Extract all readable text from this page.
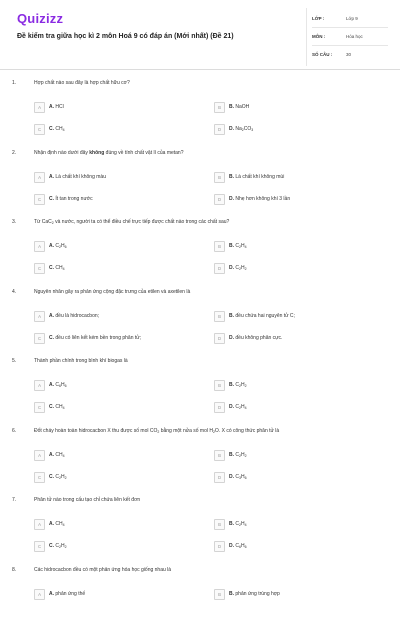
Quizizz
Đề kiểm tra giữa học kì 2 môn Hoá 9 có đáp án (Mới nhất) (Đề 21)
LỚP :	Lớp 9
MÔN :	Hóa học
SỐ CÂU :	30
1.	Hợp chất nào sau đây là hợp chất hữu cơ?
A	A. HCl	B	B. NaOH
C	C. $CH_4$	D	D. $Na_2CO_3$
2.	Nhận định nào dưới đây không đúng về tính chất vật lí của metan?
A	A. Là chất khí không màu	B	B. Là chất khí không mùi
C	C. Ít tan trong nước	D	D. Nhẹ hơn không khí 3 lần
3.	Từ CaC$_2$ và nước, người ta có thể điều chế trực tiếp được chất nào trong các chất sau?
A	A. $C_2H_6$	B	B. $C_2H_4$
C	C. $CH_4$	D	D. $C_2H_2$
4.	Nguyên nhân gây ra phản ứng cộng đặc trưng của etilen và axetilen là
A	A. đều là hidrocacbon;	B	B. đều chứa hai nguyên tử C;
C	C. đều có liên kết kém bền trong phân tử;	D	D. đều không phân cực.
5.	Thành phần chính trong bình khí biogas là
A	A. $C_6H_6$	B	B. $C_2H_2$
C	C. $CH_4$	D	D. $C_2H_4$
6.	Đốt cháy hoàn toàn hidrocacbon X thu được số mol $CO_2$ bằng một nửa số mol $H_2O$. X có công thức phân tử là
A	A. $CH_4$	B	B. $C_2H_2$
C	C. $C_2H_2$	D	D. $C_3H_6$
7.	Phân tử nào trong cấu tạo chỉ chứa liên kết đơn
A	A. $CH_4$	B	B. $C_2H_4$
C	C. $C_2H_2$	D	D. $C_6H_6$
8.	Các hidrocacbon đều có một phản ứng hóa học giống nhau là
A	A. phản ứng thế	B	B. phản ứng trùng hợp
